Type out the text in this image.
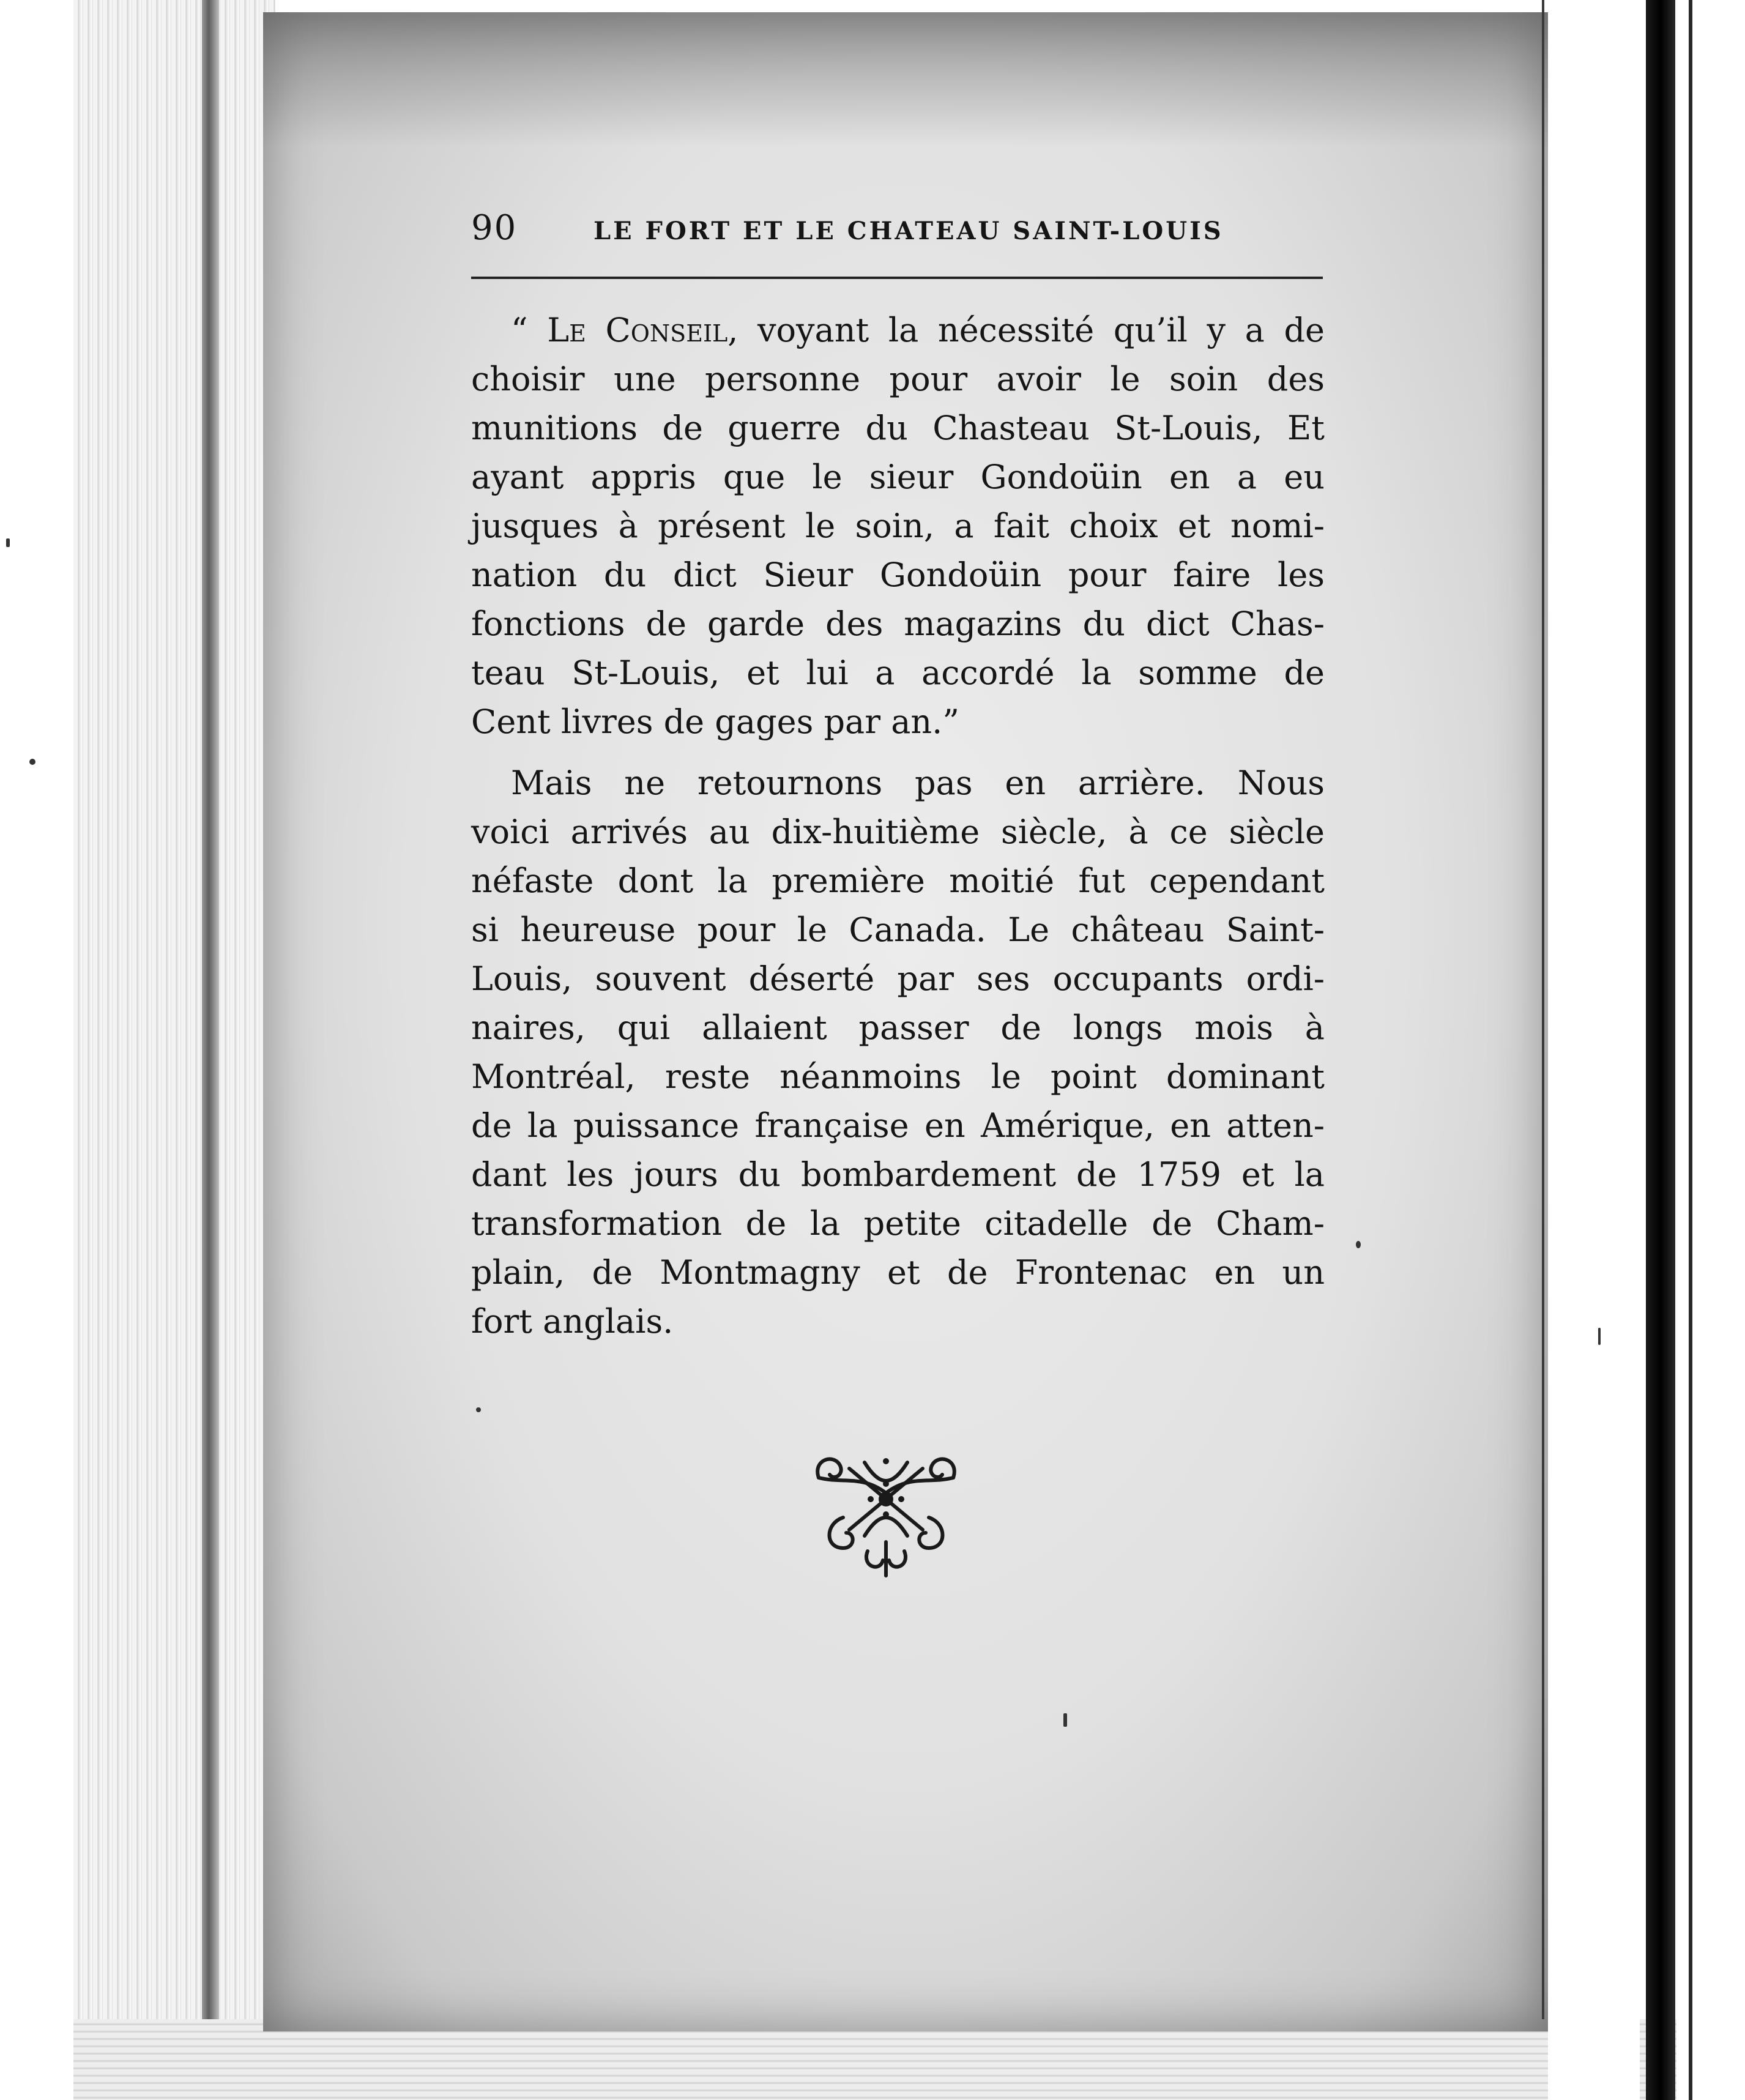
90	LE FORT ET LE CHATEAU SAINT-LOUIS
“ Le Conseil, voyant la nécessité qu’il y a de
choisir une personne pour avoir le soin des
munitions de guerre du Chasteau St-Louis, Et
ayant appris que le sieur Gondoüin en a eu
jusques à présent le soin, a fait choix et nomi-
nation du dict Sieur Gondoüin pour faire les
fonctions de garde des magazins du dict Chas-
teau St-Louis, et lui a accordé la somme de
Cent livres de gages par an.”
Mais ne retournons pas en arrière. Nous
voici arrivés au dix-huitième siècle, à ce siècle
néfaste dont la première moitié fut cependant
si heureuse pour le Canada. Le château Saint-
Louis, souvent déserté par ses occupants ordi-
naires, qui allaient passer de longs mois à
Montréal, reste néanmoins le point dominant
de la puissance française en Amérique, en atten-
dant les jours du bombardement de 1759 et la
transformation de la petite citadelle de Cham-
plain, de Montmagny et de Frontenac en un
fort anglais.
